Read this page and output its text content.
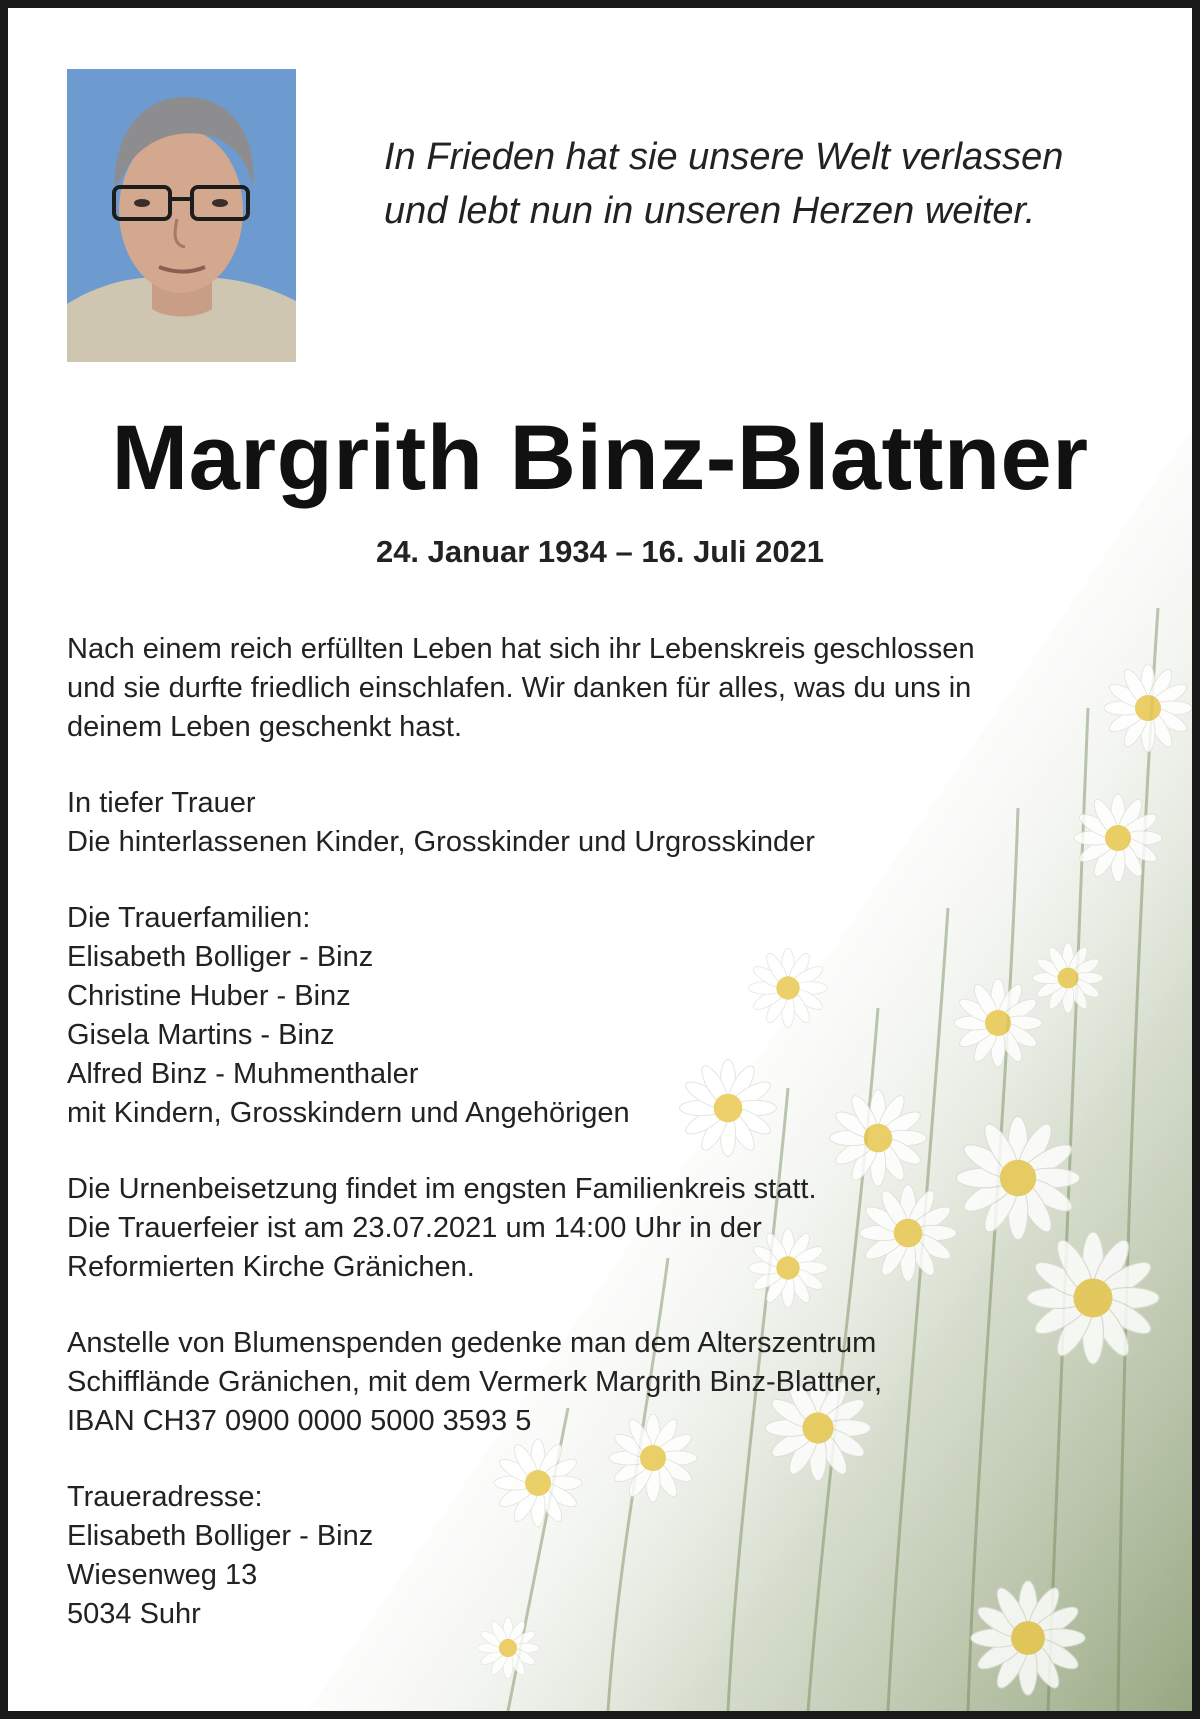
In Frieden hat sie unsere Welt verlassen
und lebt nun in unseren Herzen weiter.
Margrith Binz-Blattner
24. Januar 1934 – 16. Juli 2021
Nach einem reich erfüllten Leben hat sich ihr Lebenskreis geschlossen
und sie durfte friedlich einschlafen. Wir danken für alles, was du uns in
deinem Leben geschenkt hast.
In tiefer Trauer
Die hinterlassenen Kinder, Grosskinder und Urgrosskinder
Die Trauerfamilien:
Elisabeth Bolliger - Binz
Christine Huber - Binz
Gisela Martins - Binz
Alfred Binz - Muhmenthaler
mit Kindern, Grosskindern und Angehörigen
Die Urnenbeisetzung findet im engsten Familienkreis statt.
Die Trauerfeier ist am 23.07.2021 um 14:00 Uhr in der
Reformierten Kirche Gränichen.
Anstelle von Blumenspenden gedenke man dem Alterszentrum
Schifflände Gränichen, mit dem Vermerk Margrith Binz-Blattner,
IBAN CH37 0900 0000 5000 3593 5
Traueradresse:
Elisabeth Bolliger - Binz
Wiesenweg 13
5034 Suhr
